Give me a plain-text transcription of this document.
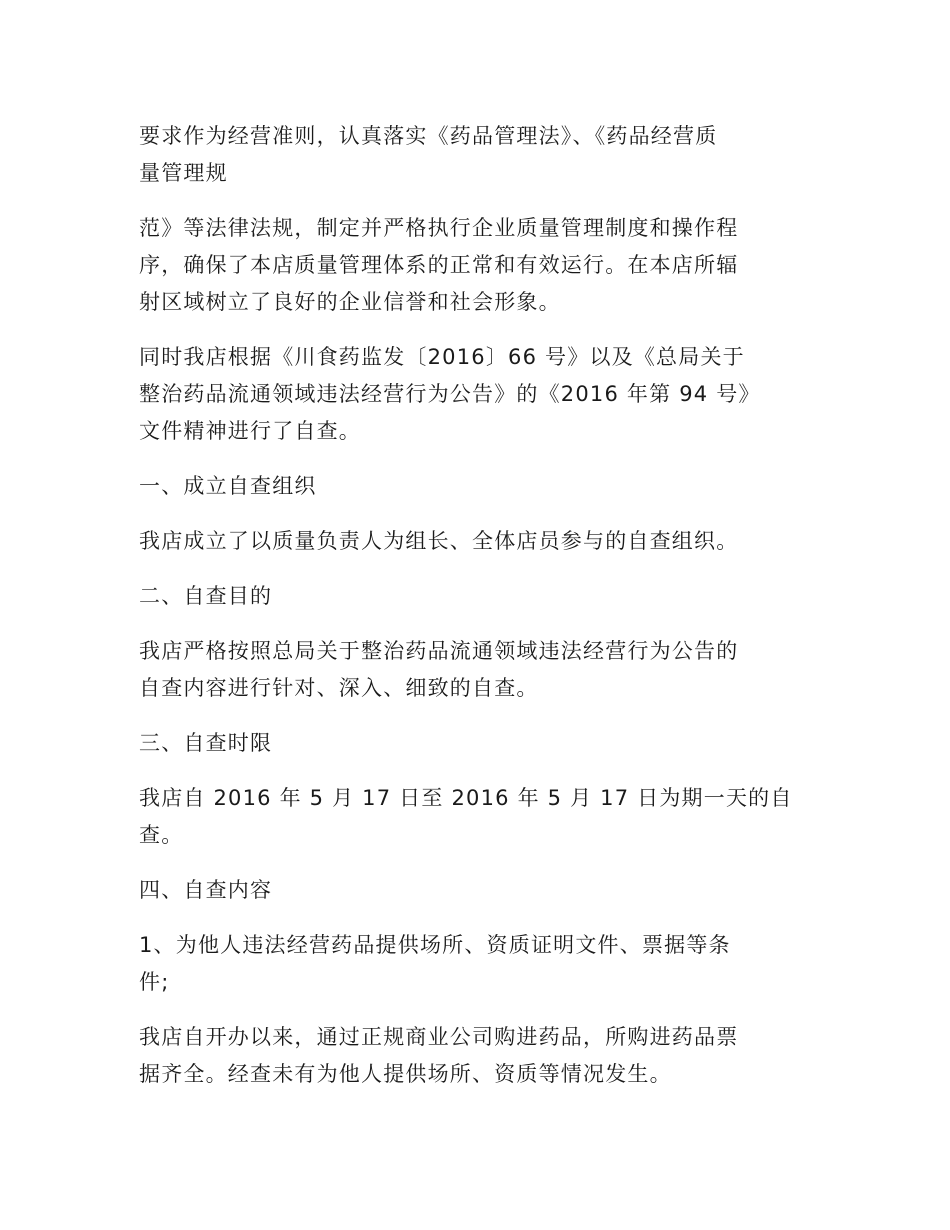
要求作为经营准则，认真落实《药品管理法》、《药品经营质
量管理规

范》等法律法规，制定并严格执行企业质量管理制度和操作程
序，确保了本店质量管理体系的正常和有效运行。在本店所辐
射区域树立了良好的企业信誉和社会形象。

同时我店根据《川食药监发〔2016〕66 号》以及《总局关于
整治药品流通领域违法经营行为公告》的《2016 年第 94 号》
文件精神进行了自查。

一、成立自查组织

我店成立了以质量负责人为组长、全体店员参与的自查组织。

二、自查目的

我店严格按照总局关于整治药品流通领域违法经营行为公告的
自查内容进行针对、深入、细致的自查。

三、自查时限

我店自 2016 年 5 月 17 日至 2016 年 5 月 17 日为期一天的自
查。

四、自查内容

1、为他人违法经营药品提供场所、资质证明文件、票据等条
件;

我店自开办以来，通过正规商业公司购进药品，所购进药品票
据齐全。经查未有为他人提供场所、资质等情况发生。
